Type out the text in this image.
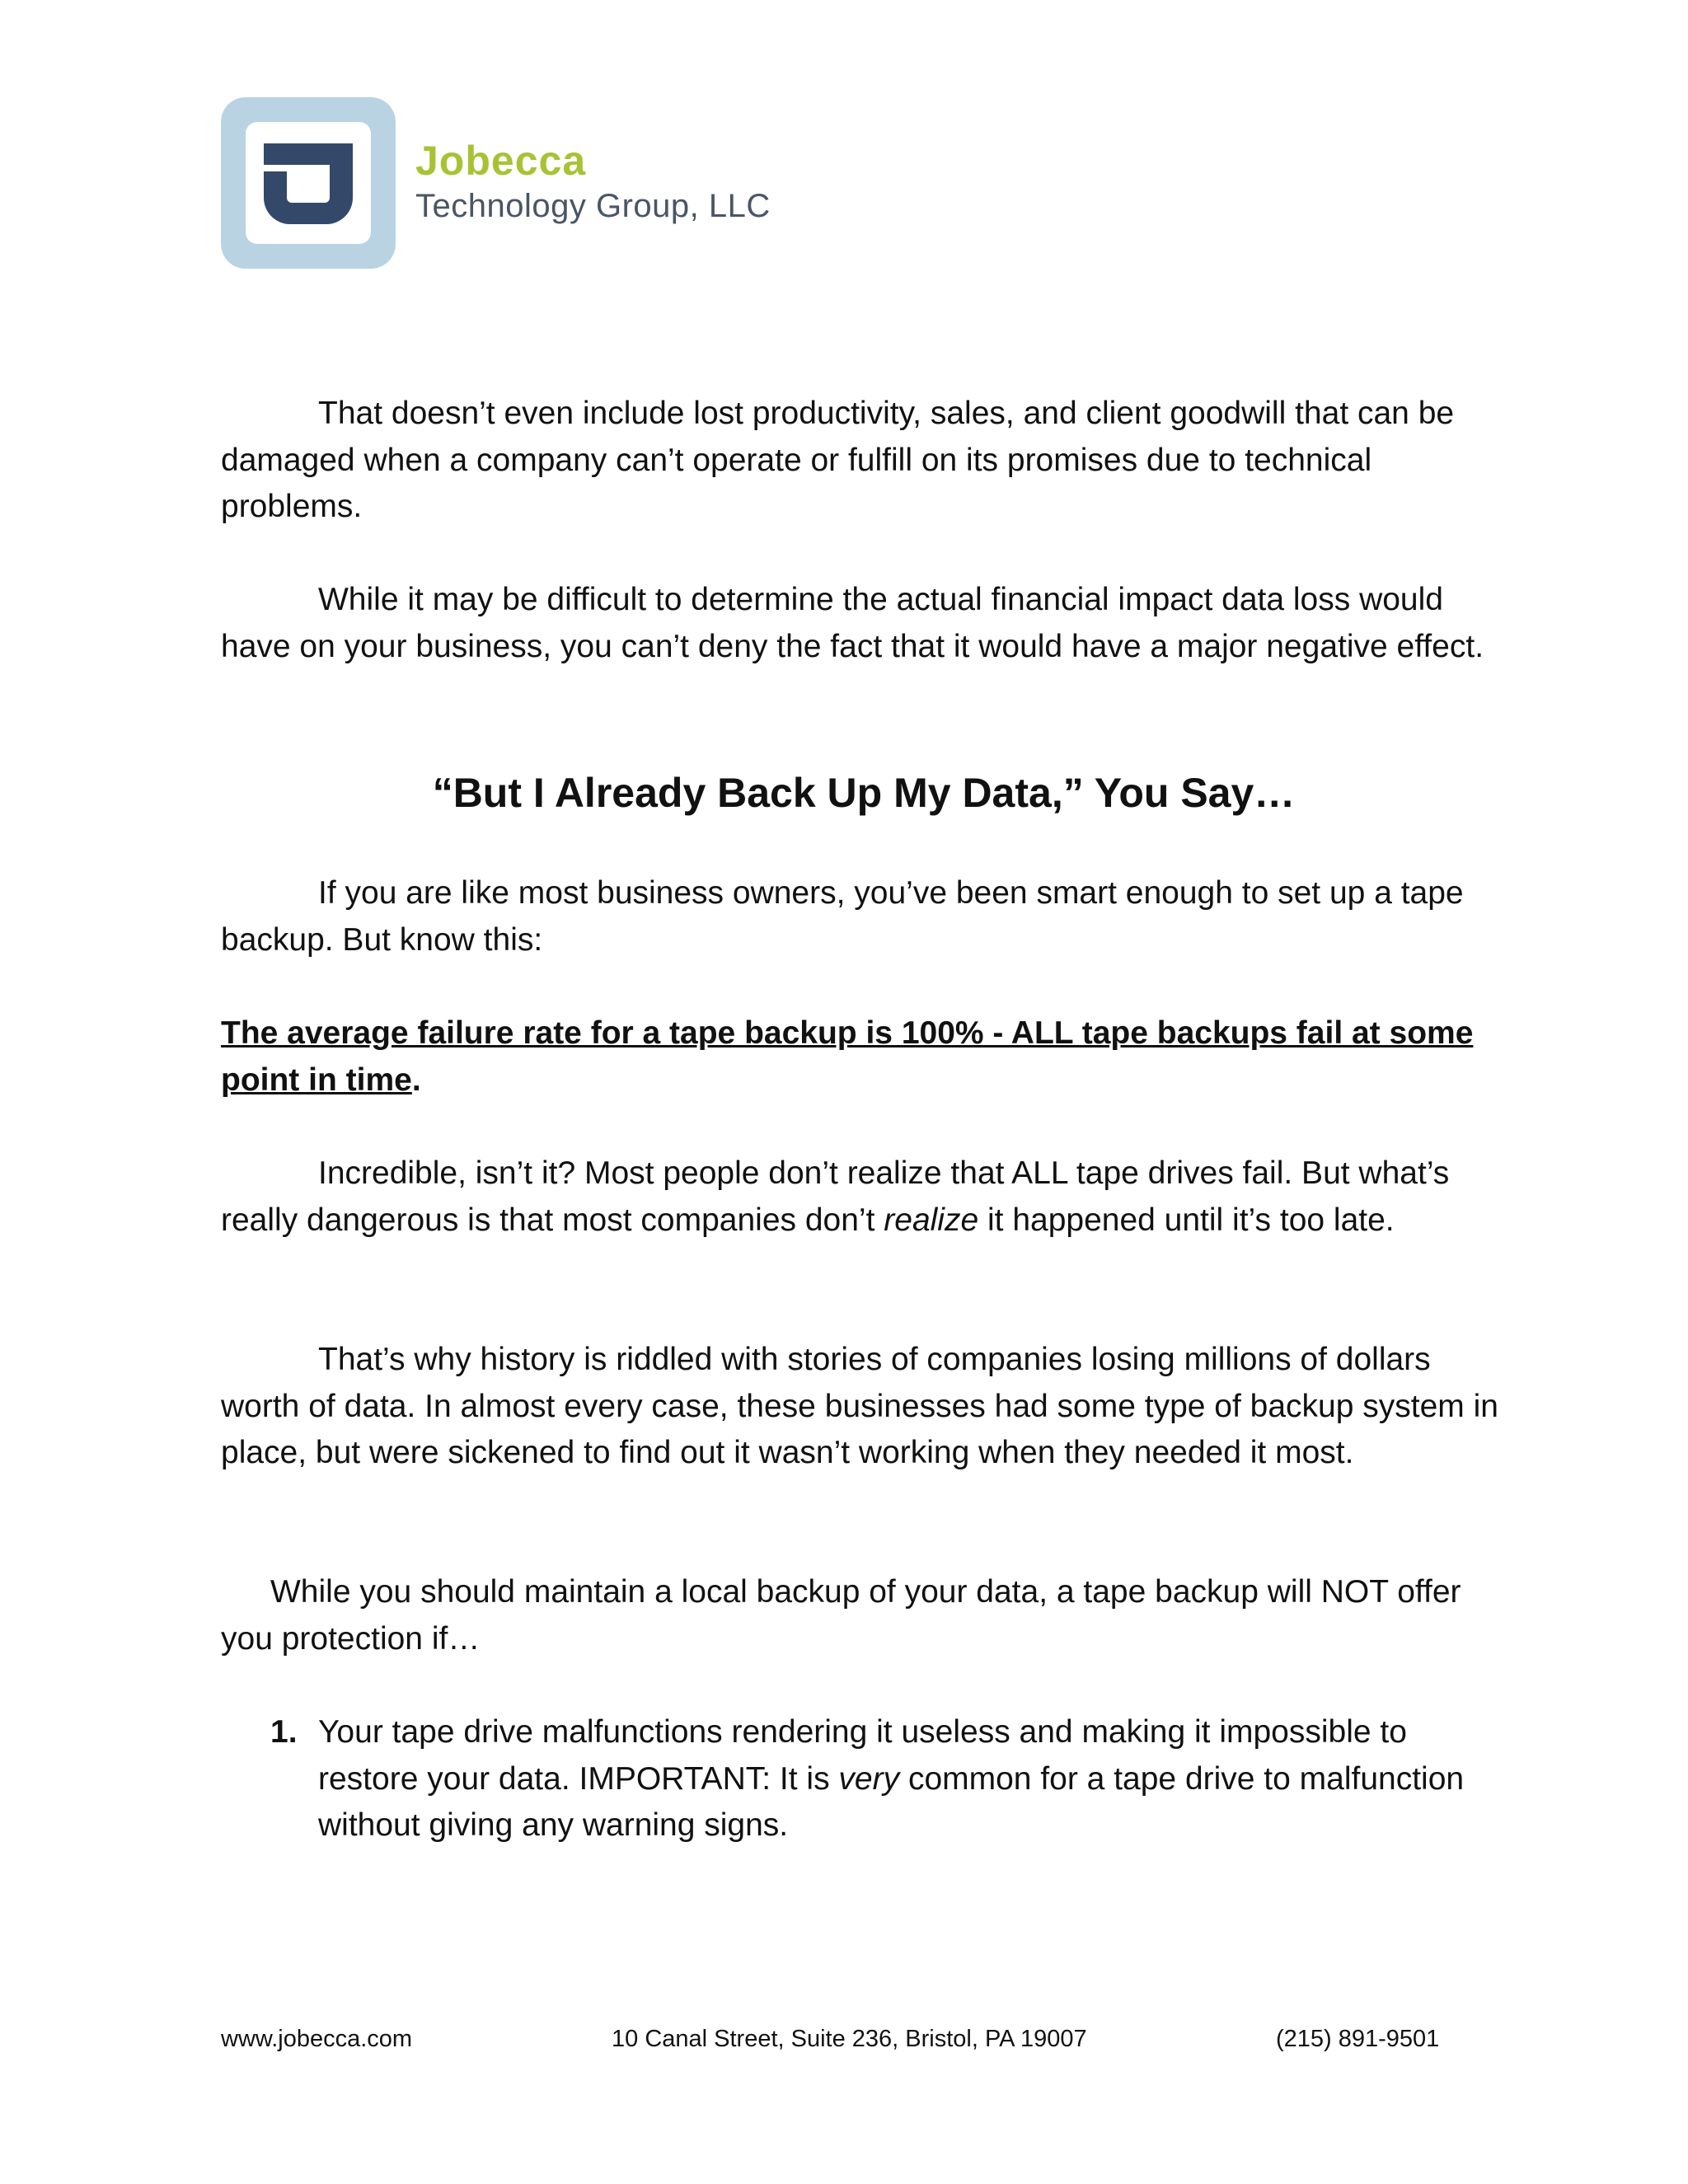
Jobecca
Technology Group, LLC

That doesn’t even include lost productivity, sales, and client goodwill that can be damaged when a company can’t operate or fulfill on its promises due to technical problems.

While it may be difficult to determine the actual financial impact data loss would have on your business, you can’t deny the fact that it would have a major negative effect.

“But I Already Back Up My Data,” You Say…

If you are like most business owners, you’ve been smart enough to set up a tape backup. But know this:

The average failure rate for a tape backup is 100% - ALL tape backups fail at some point in time.

Incredible, isn’t it? Most people don’t realize that ALL tape drives fail. But what’s really dangerous is that most companies don’t realize it happened until it’s too late.

That’s why history is riddled with stories of companies losing millions of dollars worth of data. In almost every case, these businesses had some type of backup system in place, but were sickened to find out it wasn’t working when they needed it most.

While you should maintain a local backup of your data, a tape backup will NOT offer you protection if…

1. Your tape drive malfunctions rendering it useless and making it impossible to restore your data. IMPORTANT: It is very common for a tape drive to malfunction without giving any warning signs.
www.jobecca.com	10 Canal Street, Suite 236, Bristol, PA 19007	(215) 891-9501
